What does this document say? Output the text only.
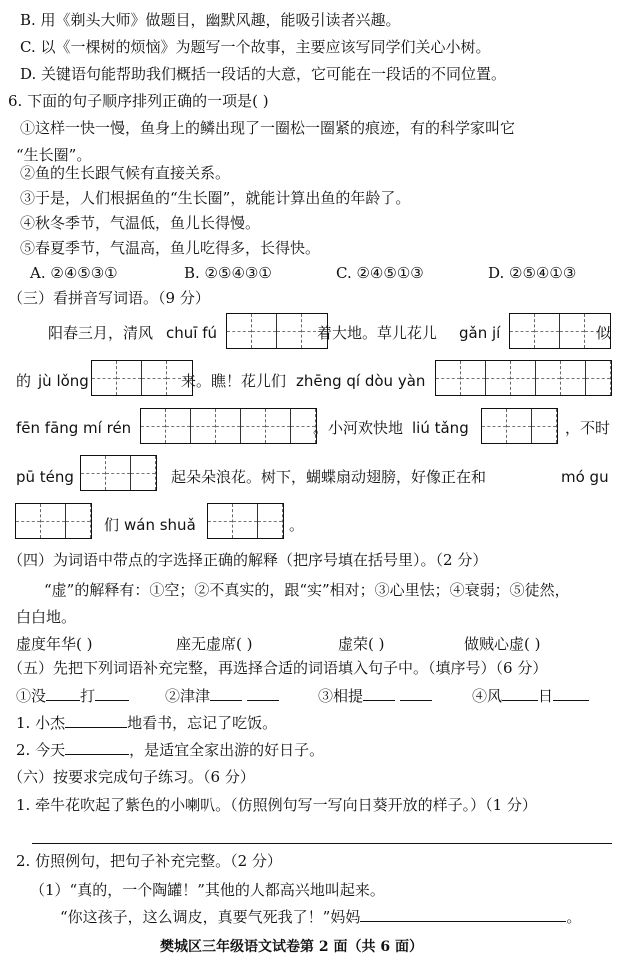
B. 用《剃头大师》做题目，幽默风趣，能吸引读者兴趣。
C. 以《一棵树的烦恼》为题写一个故事，主要应该写同学们关心小树。
D. 关键语句能帮助我们概括一段话的大意，它可能在一段话的不同位置。
6. 下面的句子顺序排列正确的一项是( )
①这样一快一慢，鱼身上的鳞出现了一圈松一圈紧的痕迹，有的科学家叫它
“生长圈”。
②鱼的生长跟气候有直接关系。
③于是，人们根据鱼的“生长圈”，就能计算出鱼的年龄了。
④秋冬季节，气温低，鱼儿长得慢。
⑤春夏季节，气温高，鱼儿吃得多，长得快。
A. ②④⑤③①	B. ②⑤④③①	C. ②④⑤①③	D. ②⑤④①③
（三）看拼音写词语。（9 分）
阳春三月，清风 chuī fú	着大地。草儿花儿 gǎn jí	似
的 jù lǒng	来。瞧！花儿们 zhēng qí dòu yàn
fēn fāng mí rén	。小河欢快地 liú tǎng	，不时
pū téng	起朵朵浪花。树下，蝴蝶扇动翅膀，好像正在和	mó gu
们 wán shuǎ	。
（四）为词语中带点的字选择正确的解释（把序号填在括号里）。（2 分）
“虚”的解释有：①空；②不真实的，跟“实”相对；③心里怯；④衰弱；⑤徒然，
白白地。
虚度年华( )	座无虚席( )	虚荣( )	做贼心虚( )
（五）先把下列词语补充完整，再选择合适的词语填入句子中。（填序号）（6 分）
①没 打	②津津	③相提	④风 日
1. 小杰	地看书，忘记了吃饭。
2. 今天	，是适宜全家出游的好日子。
（六）按要求完成句子练习。（6 分）
1. 牵牛花吹起了紫色的小喇叭。（仿照例句写一写向日葵开放的样子。）（1 分）
2. 仿照例句，把句子补充完整。（2 分）
（1）“真的，一个陶罐！”其他的人都高兴地叫起来。
“你这孩子，这么调皮，真要气死我了！”妈妈	。
樊城区三年级语文试卷第 2 面（共 6 面）
